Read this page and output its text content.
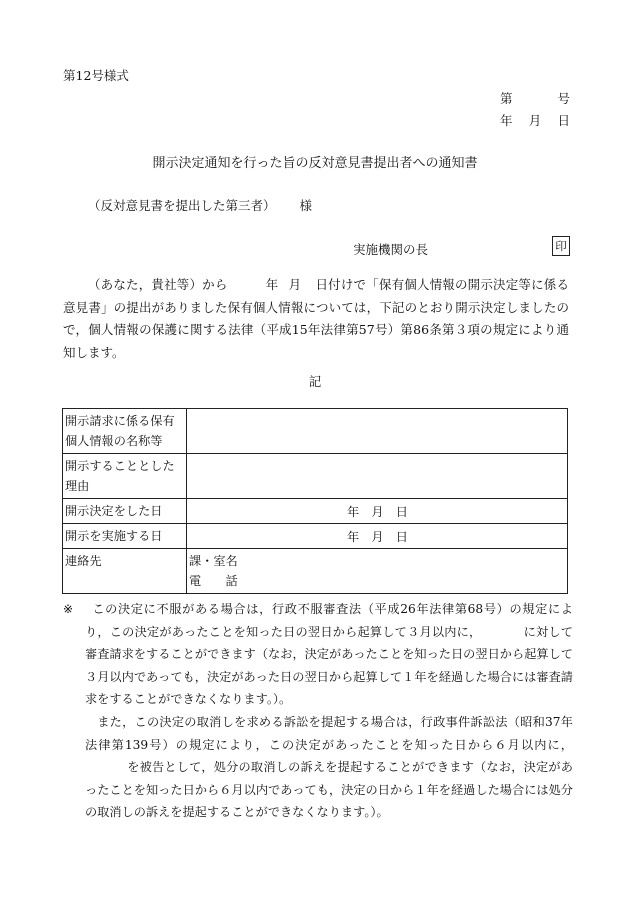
第12号様式
第	号
年 月 日
開示決定通知を行った旨の反対意見書提出者への通知書
（反対意見書を提出した第三者） 様
実施機関の長	印
（あなた，貴社等）から	年 月 日付けで「保有個人情報の開示決定等に係る意見書」の提出がありました保有個人情報については，下記のとおり開示決定しましたので，個人情報の保護に関する法律（平成15年法律第57号）第86条第３項の規定により通知します。
記
開示請求に係る保有個人情報の名称等	
開示することとした理由	
開示決定をした日	年　月　日
開示を実施する日	年　月　日
連絡先	課・室名
電　　話
※	この決定に不服がある場合は，行政不服審査法（平成26年法律第68号）の規定により，この決定があったことを知った日の翌日から起算して３月以内に，	に対して審査請求をすることができます（なお，決定があったことを知った日の翌日から起算して３月以内であっても，決定があった日の翌日から起算して１年を経過した場合には審査請求をすることができなくなります。）。
また，この決定の取消しを求める訴訟を提起する場合は，行政事件訴訟法（昭和37年法律第139号）の規定により，この決定があったことを知った日から６月以内に，を被告として，処分の取消しの訴えを提起することができます（なお，決定があったことを知った日から６月以内であっても，決定の日から１年を経過した場合には処分の取消しの訴えを提起することができなくなります。）。
